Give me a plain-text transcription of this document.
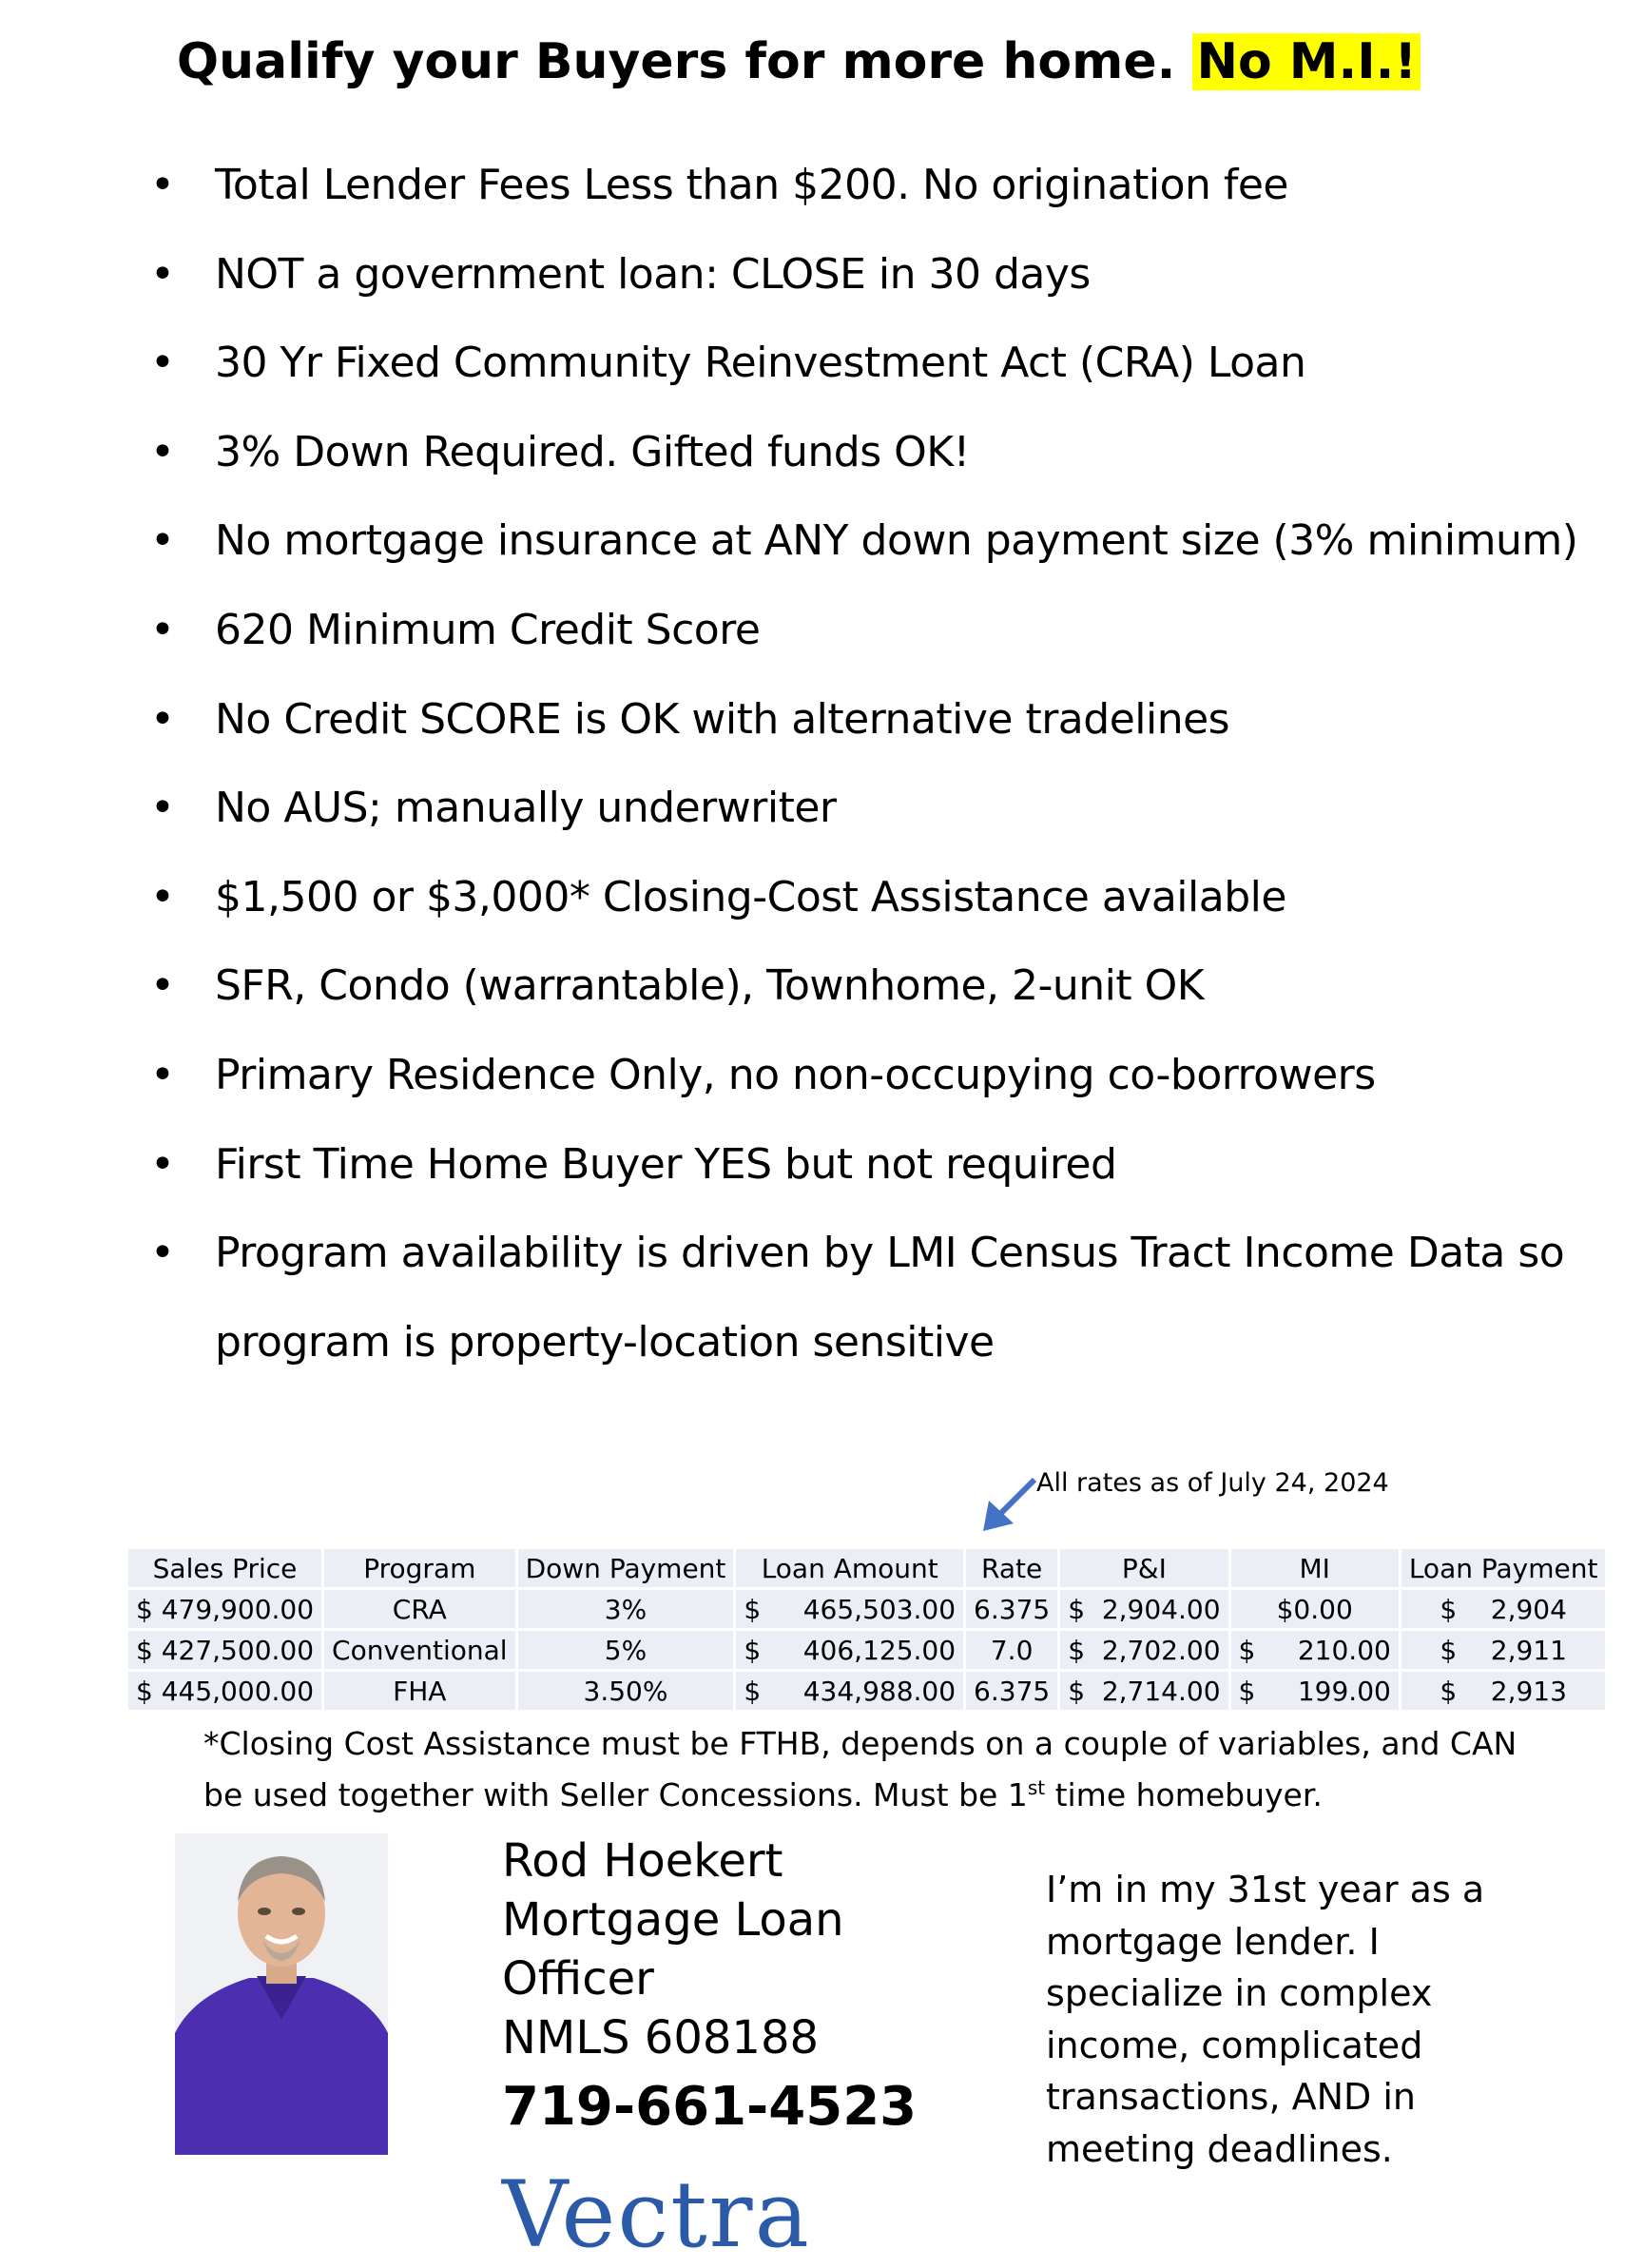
Qualify your Buyers for more home. No M.I.!
• Total Lender Fees Less than $200. No origination fee
• NOT a government loan: CLOSE in 30 days
• 30 Yr Fixed Community Reinvestment Act (CRA) Loan
• 3% Down Required. Gifted funds OK!
• No mortgage insurance at ANY down payment size (3% minimum)
• 620 Minimum Credit Score
• No Credit SCORE is OK with alternative tradelines
• No AUS; manually underwriter
• $1,500 or $3,000* Closing-Cost Assistance available
• SFR, Condo (warrantable), Townhome, 2-unit OK
• Primary Residence Only, no non-occupying co-borrowers
• First Time Home Buyer YES but not required
• Program availability is driven by LMI Census Tract Income Data so
program is property-location sensitive
All rates as of July 24, 2024
Sales Price	Program	Down Payment	Loan Amount	Rate	P&I	MI	Loan Payment
$ 479,900.00	CRA	3%	$     465,503.00	6.375	$  2,904.00	$0.00	$    2,904
$ 427,500.00	Conventional	5%	$     406,125.00	7.0	$  2,702.00	$     210.00	$    2,911
$ 445,000.00	FHA	3.50%	$     434,988.00	6.375	$  2,714.00	$     199.00	$    2,913
*Closing Cost Assistance must be FTHB, depends on a couple of variables, and CAN
be used together with Seller Concessions. Must be 1st time homebuyer.
Rod Hoekert
Mortgage Loan Officer
NMLS 608188
719-661-4523
Vectra
I’m in my 31st year as a mortgage lender. I specialize in complex income, complicated transactions, AND in meeting deadlines.
